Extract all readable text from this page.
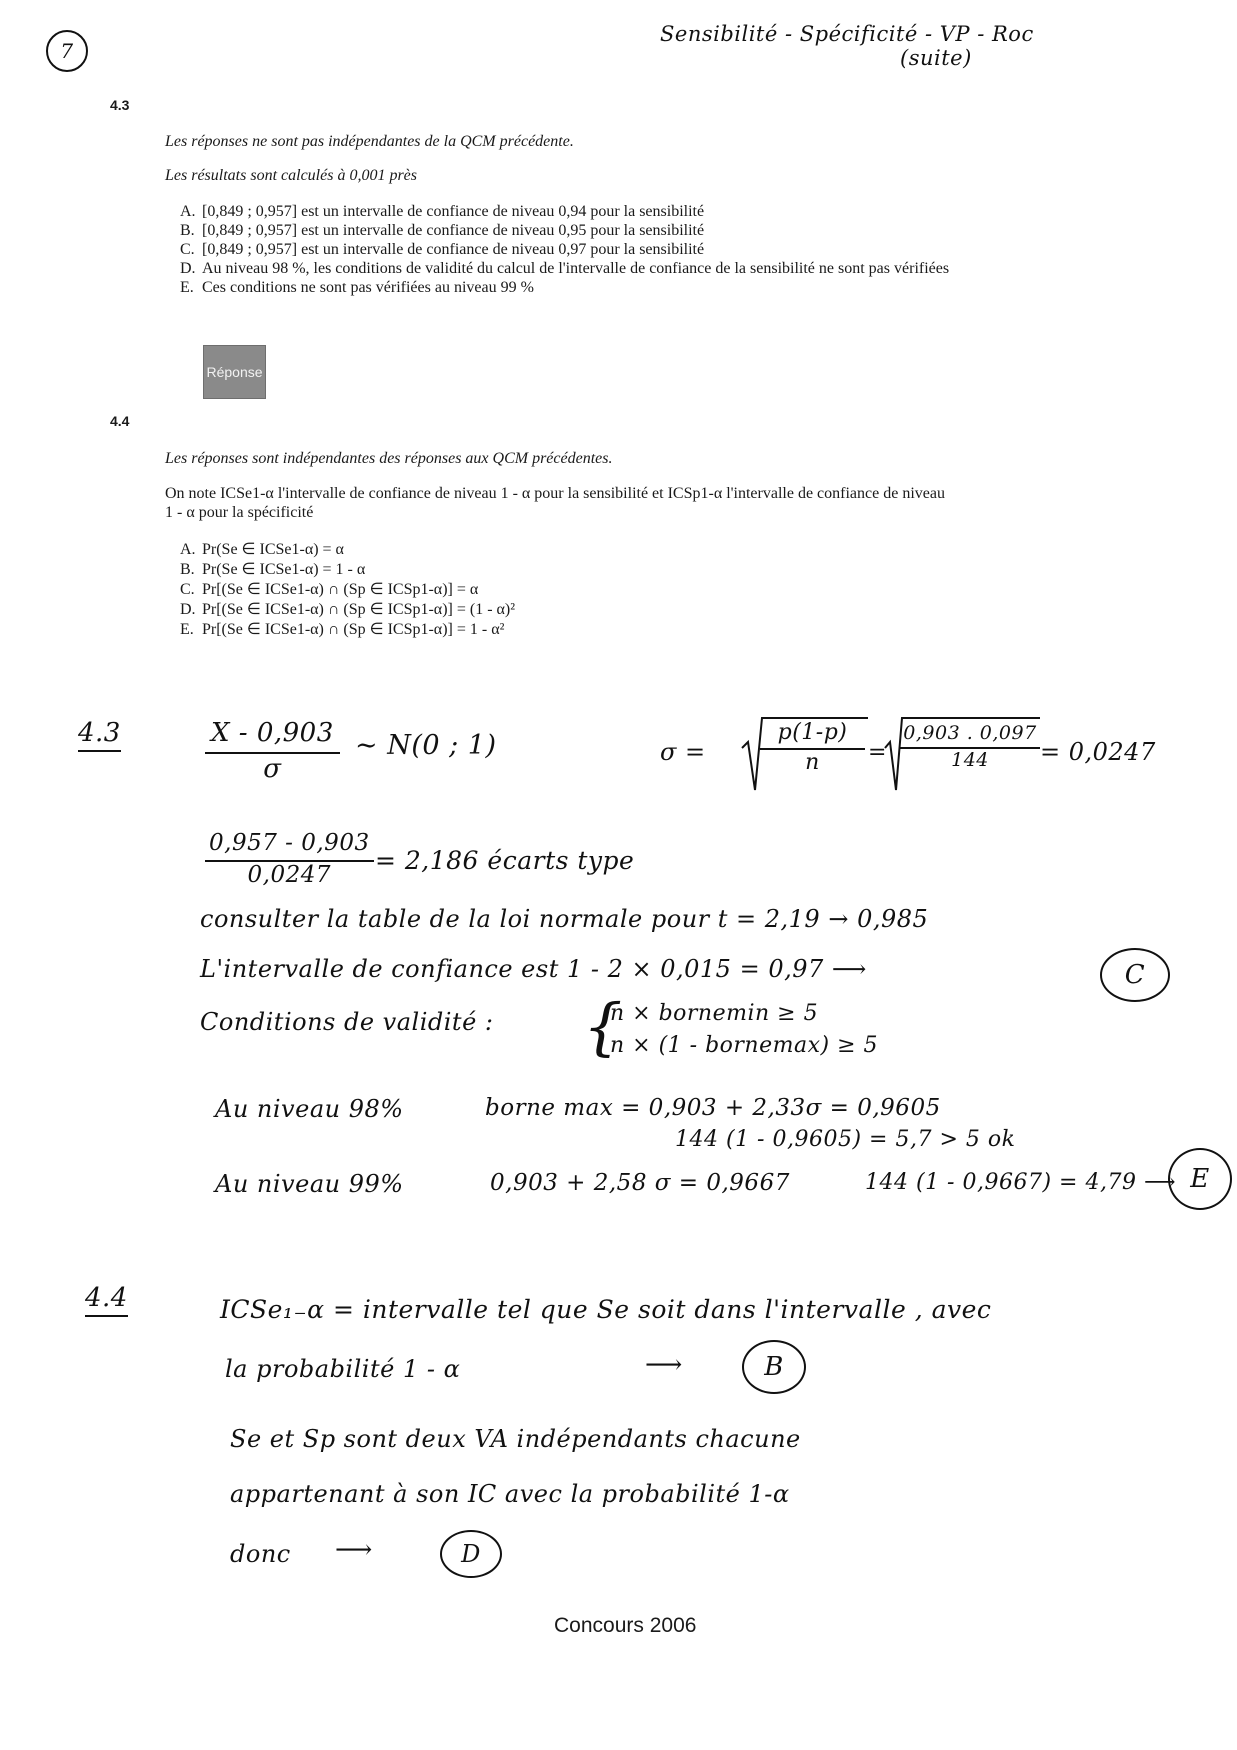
7
Sensibilité - Spécificité - VP - Roc
(suite)
4.3
Les réponses ne sont pas indépendantes de la QCM précédente.
Les résultats sont calculés à 0,001 près
A. [0,849 ; 0,957] est un intervalle de confiance de niveau 0,94 pour la sensibilité
B. [0,849 ; 0,957] est un intervalle de confiance de niveau 0,95 pour la sensibilité
C. [0,849 ; 0,957] est un intervalle de confiance de niveau 0,97 pour la sensibilité
D. Au niveau 98 %, les conditions de validité du calcul de l'intervalle de confiance de la sensibilité ne sont pas vérifiées
E. Ces conditions ne sont pas vérifiées au niveau 99 %
Réponse
4.4
Les réponses sont indépendantes des réponses aux QCM précédentes.
On note ICSe1-α l'intervalle de confiance de niveau 1 - α pour la sensibilité et ICSp1-α l'intervalle de confiance de niveau
1 - α pour la spécificité
A. Pr(Se ∈ ICSe1-α) = α
B. Pr(Se ∈ ICSe1-α) = 1 - α
C. Pr[(Se ∈ ICSe1-α) ∩ (Sp ∈ ICSp1-α)] = α
D. Pr[(Se ∈ ICSe1-α) ∩ (Sp ∈ ICSp1-α)] = (1 - α)²
E. Pr[(Se ∈ ICSe1-α) ∩ (Sp ∈ ICSp1-α)] = 1 - α²
4.3	$\frac{X - 0,903}{\sigma}$ ∼ N(0 ; 1)	$\sigma = \frac{p(1-p)}{n} = \frac{0,903 . 0,097}{144} = 0,0247$
$\frac{0,957 - 0,903}{0,0247} = 2,186$ écarts type
consulter la table de la loi normale pour t = 2,19 → 0,985
L'intervalle de confiance est 1 - 2 × 0,015 = 0,97 ⟶	C
Conditions de validité : {
n × bornemin ≥ 5
n × (1 - bornemax) ≥ 5
Au niveau 98%	borne max = 0,903 + 2,33σ = 0,9605
144 (1 - 0,9605) = 5,7 > 5 ok
Au niveau 99%	0,903 + 2,58 σ = 0,9667	144 (1 - 0,9667) = 4,79 ⟶ E
4.4	ICSe₁₋α = intervalle tel que Se soit dans l'intervalle , avec
la probabilité 1 - α	⟶	B
Se et Sp sont deux VA indépendants chacune
appartenant à son IC avec la probabilité 1-α
donc ⟶	D
Concours 2006
